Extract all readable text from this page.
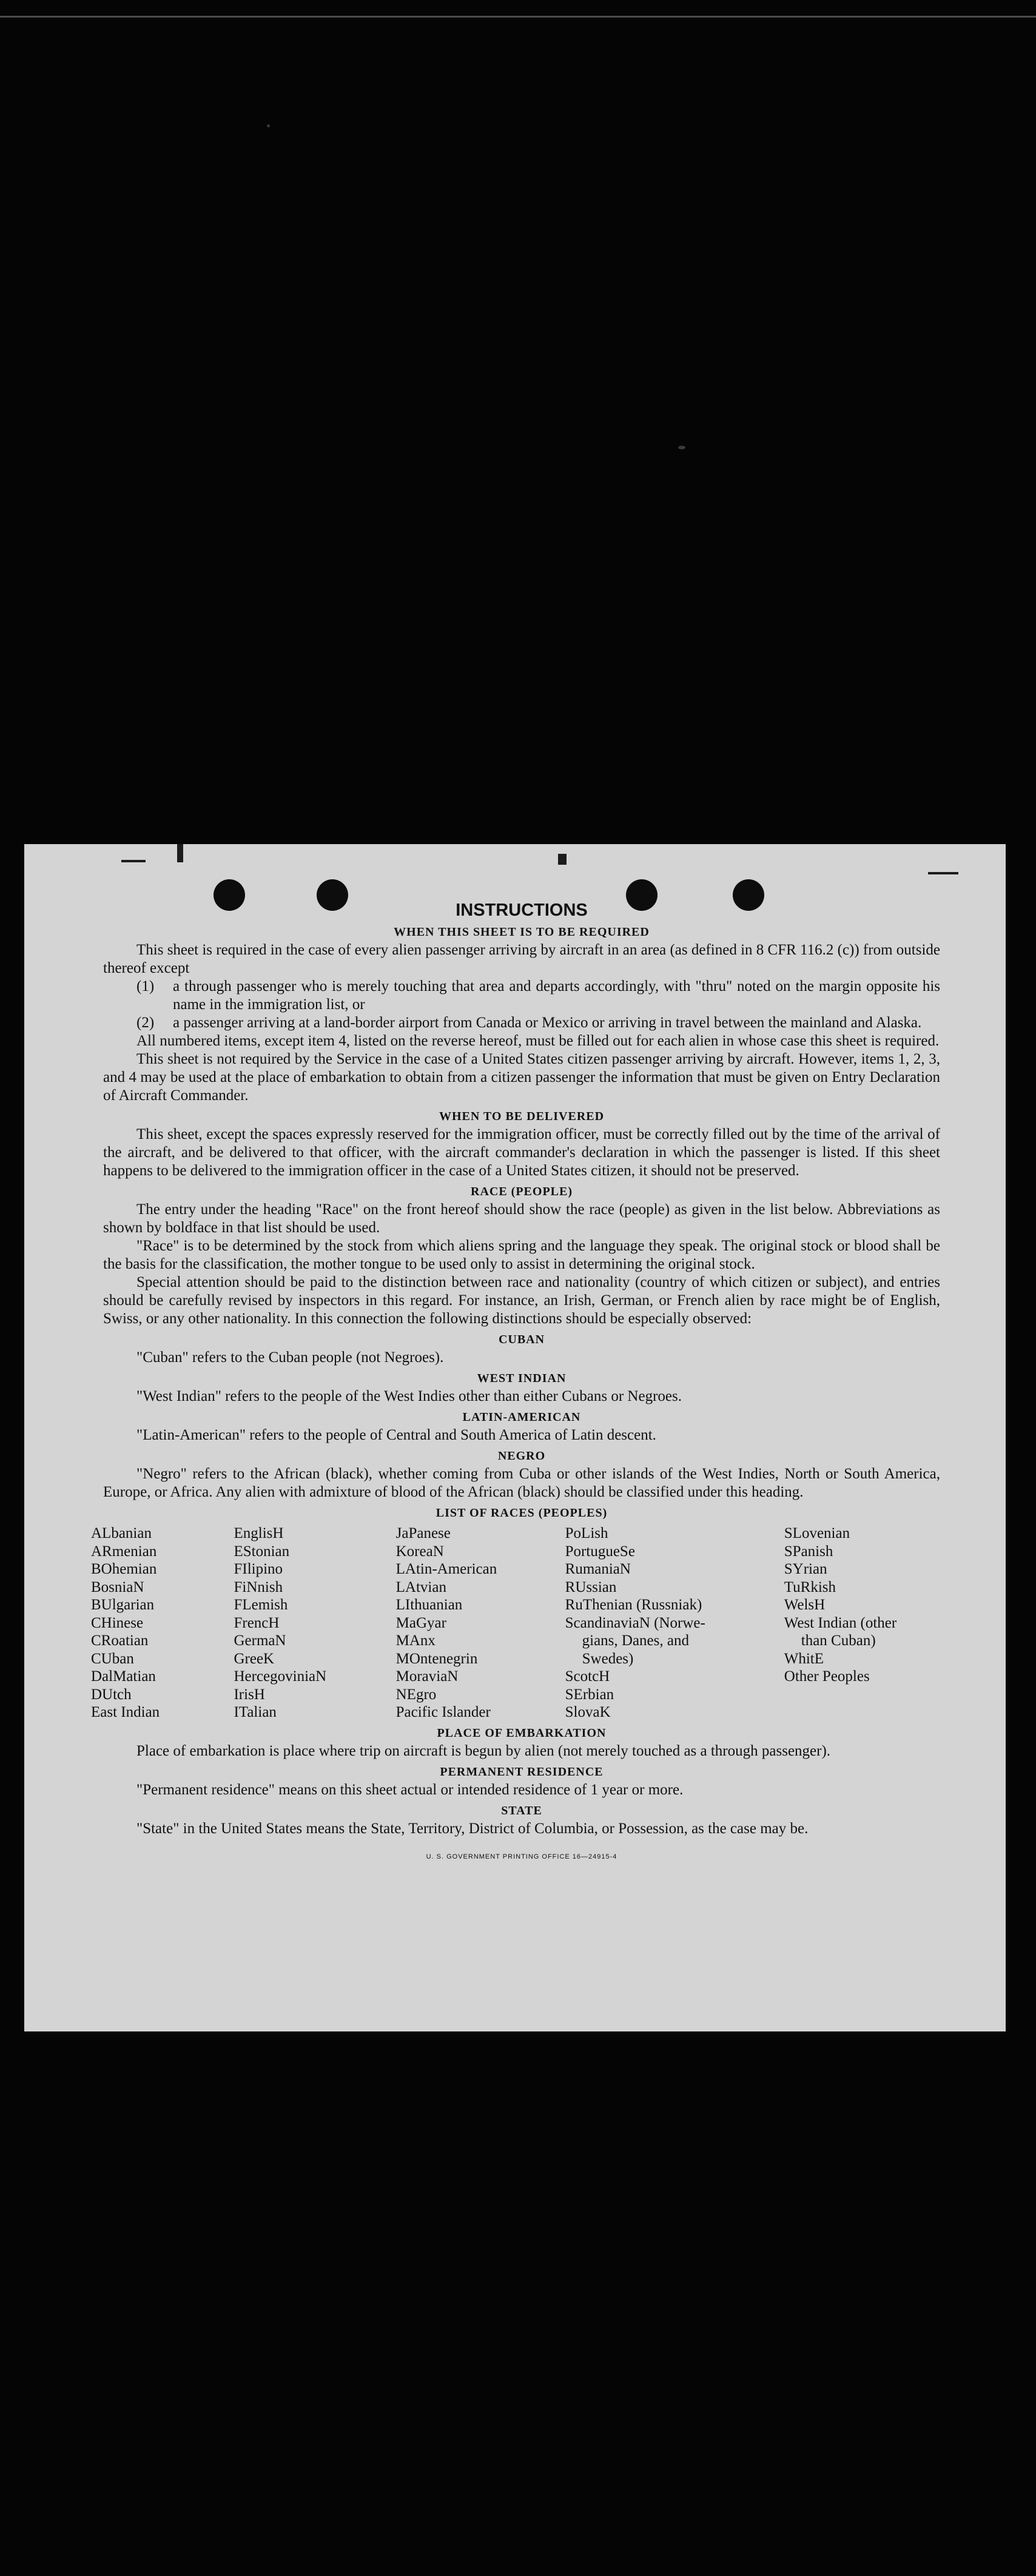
INSTRUCTIONS
WHEN THIS SHEET IS TO BE REQUIRED

This sheet is required in the case of every alien passenger arriving by aircraft in an area (as defined in 8 CFR 116.2 (c)) from outside thereof except

(1)	a through passenger who is merely touching that area and departs accordingly, with "thru" noted on the margin opposite his name in the immigration list, or
(2)	a passenger arriving at a land-border airport from Canada or Mexico or arriving in travel between the mainland and Alaska.

All numbered items, except item 4, listed on the reverse hereof, must be filled out for each alien in whose case this sheet is required.

This sheet is not required by the Service in the case of a United States citizen passenger arriving by aircraft. However, items 1, 2, 3, and 4 may be used at the place of embarkation to obtain from a citizen passenger the information that must be given on Entry Declaration of Aircraft Commander.

WHEN TO BE DELIVERED

This sheet, except the spaces expressly reserved for the immigration officer, must be correctly filled out by the time of the arrival of the aircraft, and be delivered to that officer, with the aircraft commander's declaration in which the passenger is listed. If this sheet happens to be delivered to the immigration officer in the case of a United States citizen, it should not be preserved.

RACE (PEOPLE)

The entry under the heading "Race" on the front hereof should show the race (people) as given in the list below. Abbreviations as shown by boldface in that list should be used.

"Race" is to be determined by the stock from which aliens spring and the language they speak. The original stock or blood shall be the basis for the classification, the mother tongue to be used only to assist in determining the original stock.

Special attention should be paid to the distinction between race and nationality (country of which citizen or subject), and entries should be carefully revised by inspectors in this regard. For instance, an Irish, German, or French alien by race might be of English, Swiss, or any other nationality. In this connection the following distinctions should be especially observed:

CUBAN

"Cuban" refers to the Cuban people (not Negroes).

WEST INDIAN

"West Indian" refers to the people of the West Indies other than either Cubans or Negroes.

LATIN-AMERICAN

"Latin-American" refers to the people of Central and South America of Latin descent.

NEGRO

"Negro" refers to the African (black), whether coming from Cuba or other islands of the West Indies, North or South America, Europe, or Africa. Any alien with admixture of blood of the African (black) should be classified under this heading.

LIST OF RACES (PEOPLES)
ALbanian
ARmenian
BOhemian
BosniaN
BUlgarian
CHinese
CRoatian
CUban
DalMatian
DUtch
East Indian
EnglisH
EStonian
FIlipino
FiNnish
FLemish
FrencH
GermaN
GreeK
HercegoviniaN
IrisH
ITalian
JaPanese
KoreaN
LAtin-American
LAtvian
LIthuanian
MaGyar
MAnx
MOntenegrin
MoraviaN
NEgro
Pacific Islander
PoLish
PortugueSe
RumaniaN
RUssian
RuThenian (Russniak)
ScandinaviaN (Norwe-
gians, Danes, and
Swedes)
ScotcH
SErbian
SlovaK
SLovenian
SPanish
SYrian
TuRkish
WelsH
West Indian (other
than Cuban)
WhitE
Other Peoples
PLACE OF EMBARKATION

Place of embarkation is place where trip on aircraft is begun by alien (not merely touched as a through passenger).

PERMANENT RESIDENCE

"Permanent residence" means on this sheet actual or intended residence of 1 year or more.

STATE

"State" in the United States means the State, Territory, District of Columbia, or Possession, as the case may be.

U. S. GOVERNMENT PRINTING OFFICE 16—24915-4
